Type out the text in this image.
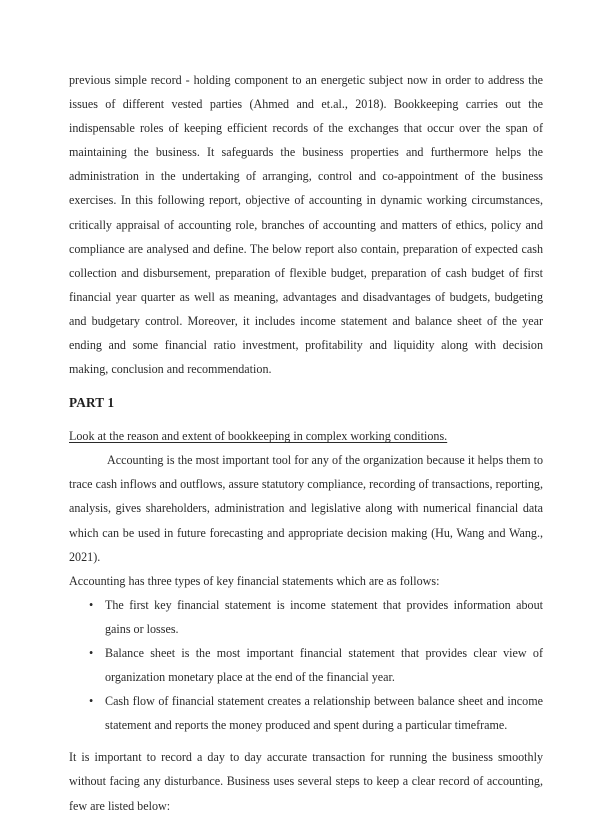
previous simple record - holding component to an energetic subject now in order to address the issues of different vested parties (Ahmed and et.al., 2018). Bookkeeping carries out the indispensable roles of keeping efficient records of the exchanges that occur over the span of maintaining the business. It safeguards the business properties and furthermore helps the administration in the undertaking of arranging, control and co-appointment of the business exercises. In this following report, objective of accounting in dynamic working circumstances, critically appraisal of accounting role, branches of accounting and matters of ethics, policy and compliance are analysed and define. The below report also contain, preparation of expected cash collection and disbursement, preparation of flexible budget, preparation of cash budget of first financial year quarter as well as meaning, advantages and disadvantages of budgets, budgeting and budgetary control. Moreover, it includes income statement and balance sheet of the year ending and some financial ratio investment, profitability and liquidity along with decision making, conclusion and recommendation.

PART 1

Look at the reason and extent of bookkeeping in complex working conditions.

Accounting is the most important tool for any of the organization because it helps them to trace cash inflows and outflows, assure statutory compliance, recording of transactions, reporting, analysis, gives shareholders, administration and legislative along with numerical financial data which can be used in future forecasting and appropriate decision making (Hu, Wang and Wang., 2021).

Accounting has three types of key financial statements which are as follows:

• The first key financial statement is income statement that provides information about gains or losses.
• Balance sheet is the most important financial statement that provides clear view of organization monetary place at the end of the financial year.
• Cash flow of financial statement creates a relationship between balance sheet and income statement and reports the money produced and spent during a particular timeframe.

It is important to record a day to day accurate transaction for running the business smoothly without facing any disturbance. Business uses several steps to keep a clear record of accounting, few are listed below:
